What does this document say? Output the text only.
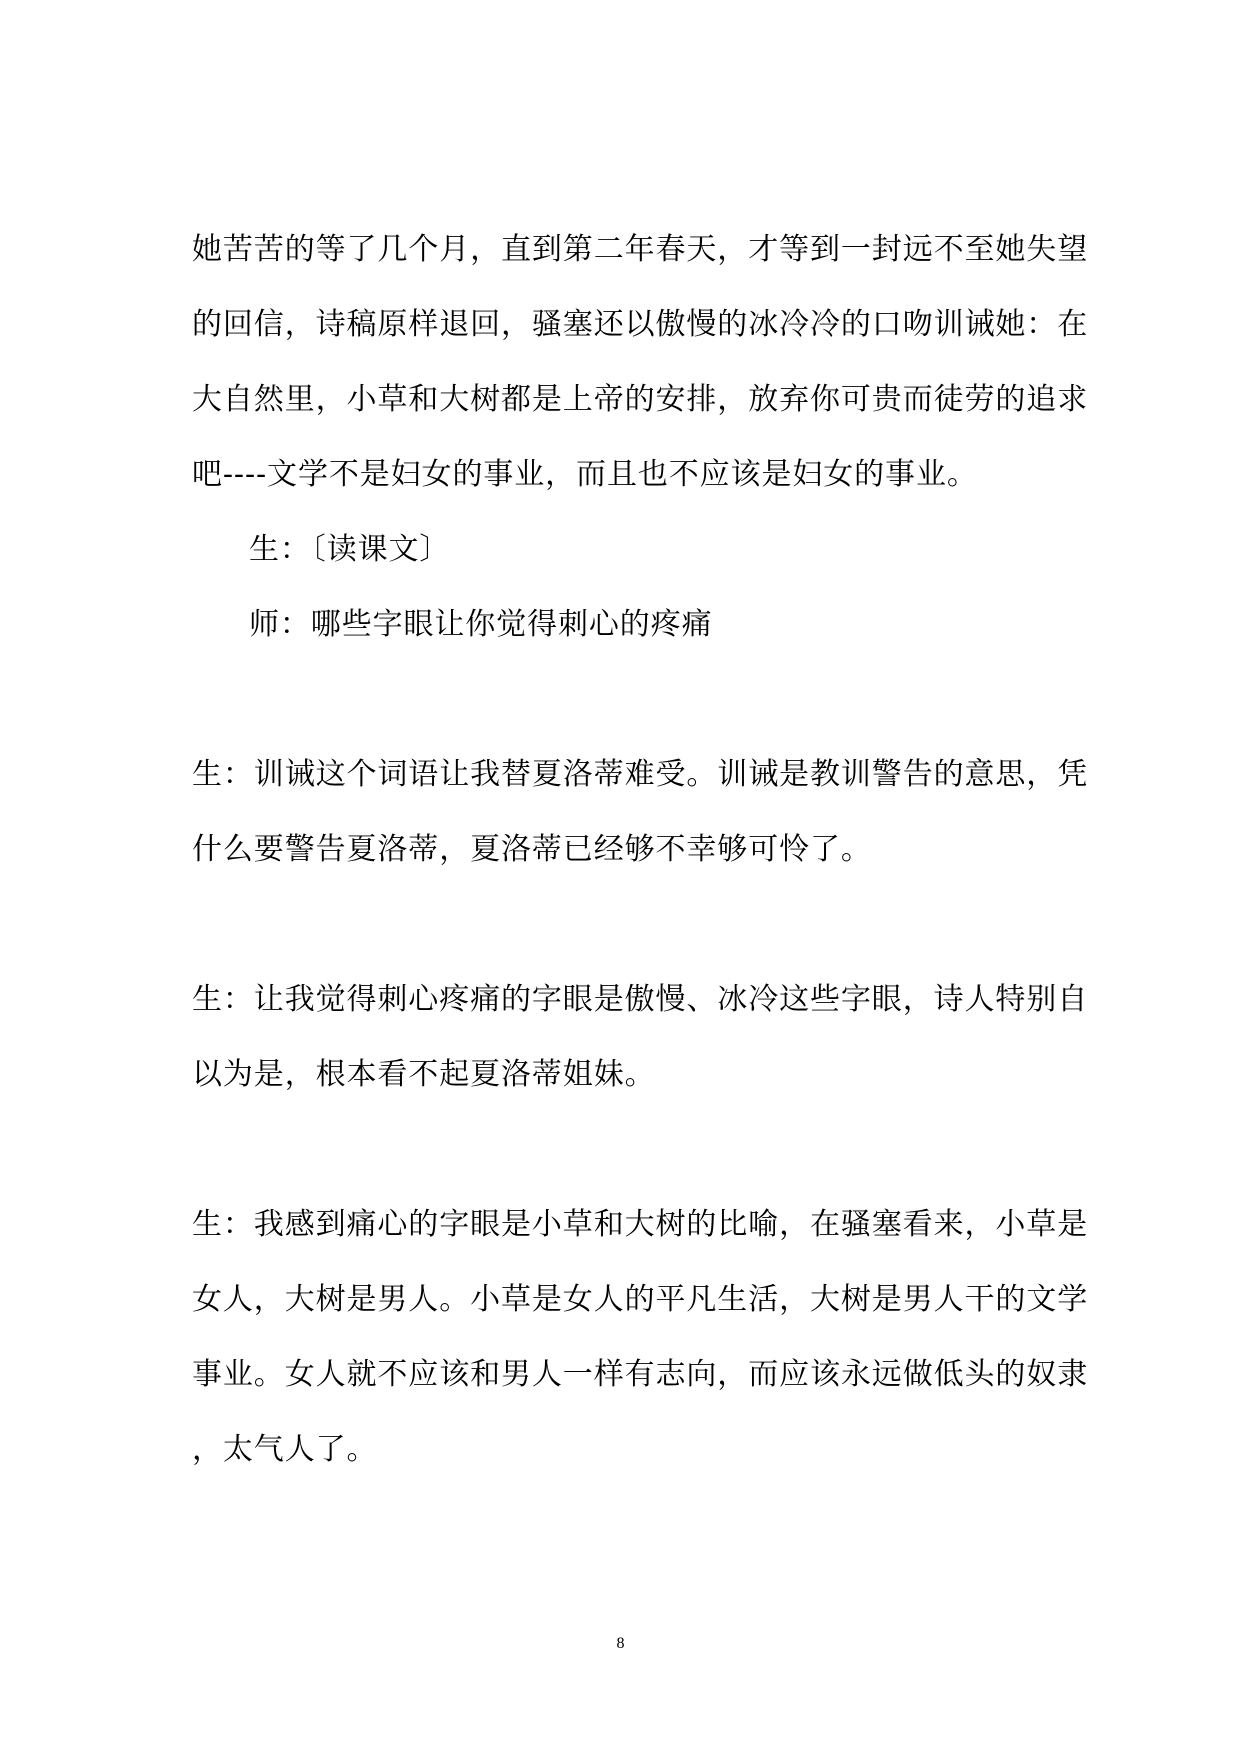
她苦苦的等了几个月，直到第二年春天，才等到一封远不至她失望
的回信，诗稿原样退回，骚塞还以傲慢的冰冷冷的口吻训诫她：在
大自然里，小草和大树都是上帝的安排，放弃你可贵而徒劳的追求
吧----文学不是妇女的事业，而且也不应该是妇女的事业。
生：〔读课文〕
师：哪些字眼让你觉得刺心的疼痛
生：训诫这个词语让我替夏洛蒂难受。训诫是教训警告的意思，凭
什么要警告夏洛蒂，夏洛蒂已经够不幸够可怜了。
生：让我觉得刺心疼痛的字眼是傲慢、冰冷这些字眼，诗人特别自
以为是，根本看不起夏洛蒂姐妹。
生：我感到痛心的字眼是小草和大树的比喻，在骚塞看来，小草是
女人，大树是男人。小草是女人的平凡生活，大树是男人干的文学
事业。女人就不应该和男人一样有志向，而应该永远做低头的奴隶
，太气人了。
8
